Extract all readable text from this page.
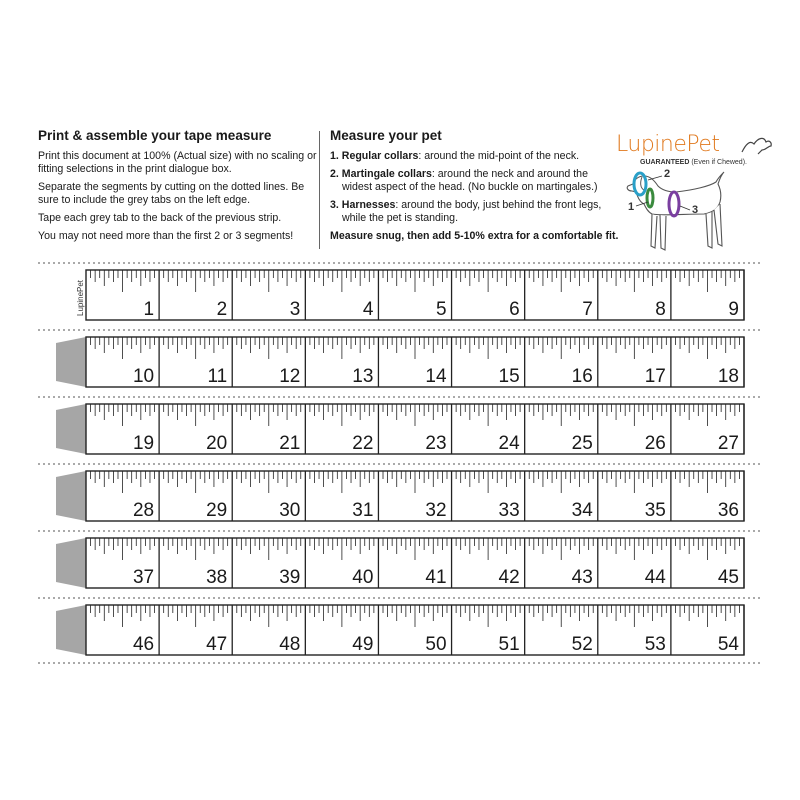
Print & assemble your tape measure

Print this document at 100% (Actual size) with no scaling or fitting selections in the print dialogue box.

Separate the segments by cutting on the dotted lines. Be sure to include the grey tabs on the left edge.

Tape each grey tab to the back of the previous strip.

You may not need more than the first 2 or 3 segments!

Measure your pet
1. Regular collars: around the mid-point of the neck.
2. Martingale collars: around the neck and around the widest aspect of the head. (No buckle on martingales.)
3. Harnesses: around the body, just behind the front legs, while the pet is standing.

Measure snug, then add 5-10% extra for a comfortable fit.

LupinePet
GUARANTEED (Even if Chewed).
2
1	3
LupinePet	1	2	3	4	5	6	7	8	9
10	11	12	13	14	15	16	17	18
19	20	21	22	23	24	25	26	27
28	29	30	31	32	33	34	35	36
37	38	39	40	41	42	43	44	45
46	47	48	49	50	51	52	53	54
